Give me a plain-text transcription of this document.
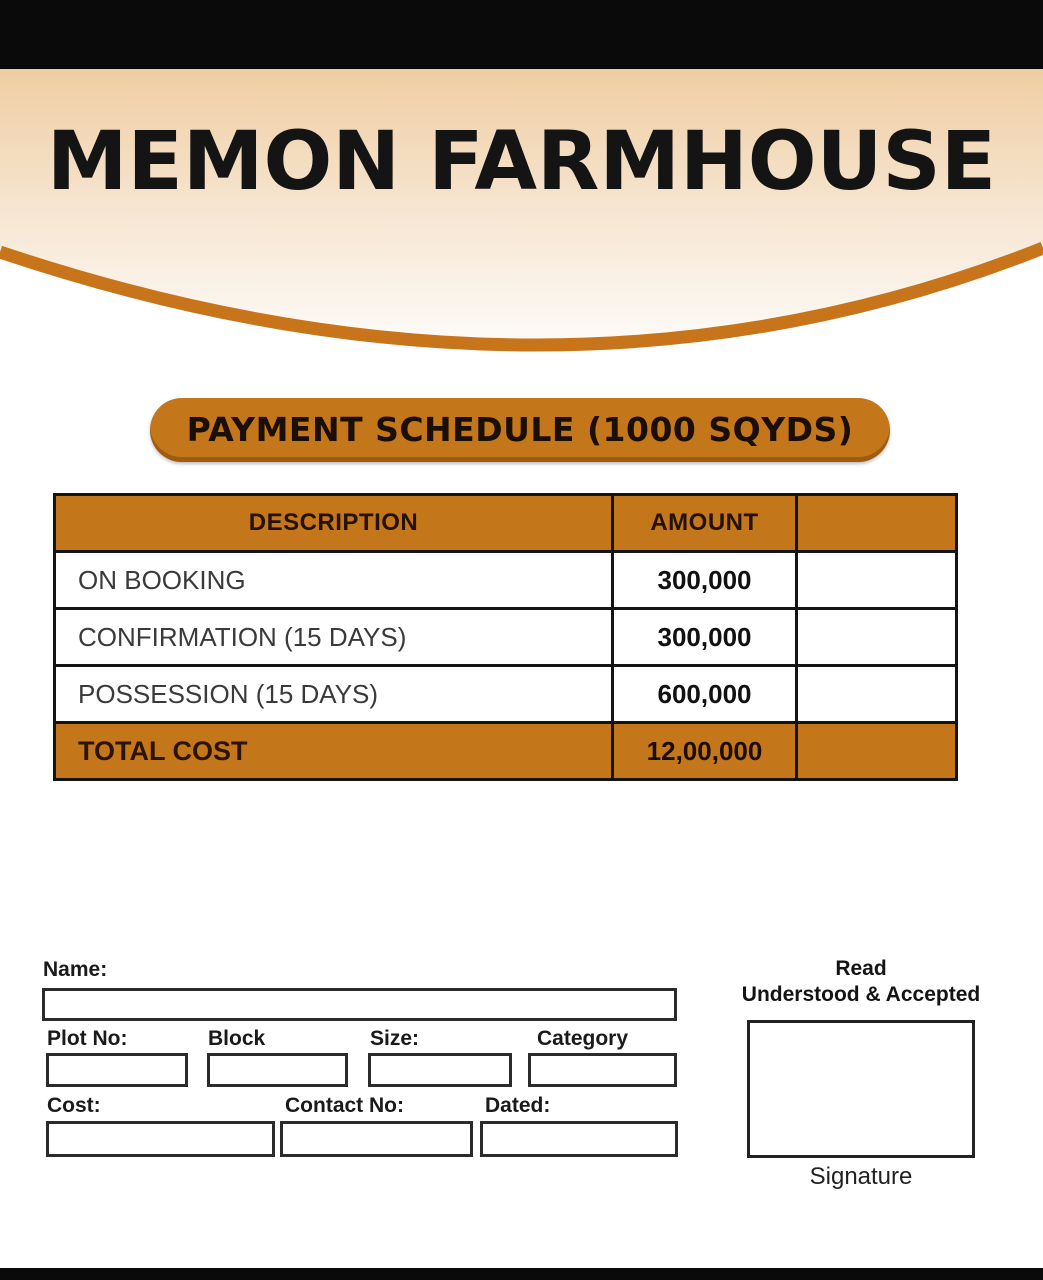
MEMON FARMHOUSE
PAYMENT SCHEDULE (1000 SQYDS)
DESCRIPTION	AMOUNT	
ON BOOKING	300,000	
CONFIRMATION (15 DAYS)	300,000	
POSSESSION (15 DAYS)	600,000	
TOTAL COST	12,00,000	
Name:
Plot No:	Block	Size:	Category
Cost:	Contact No:	Dated:
Read
Understood & Accepted
Signature
